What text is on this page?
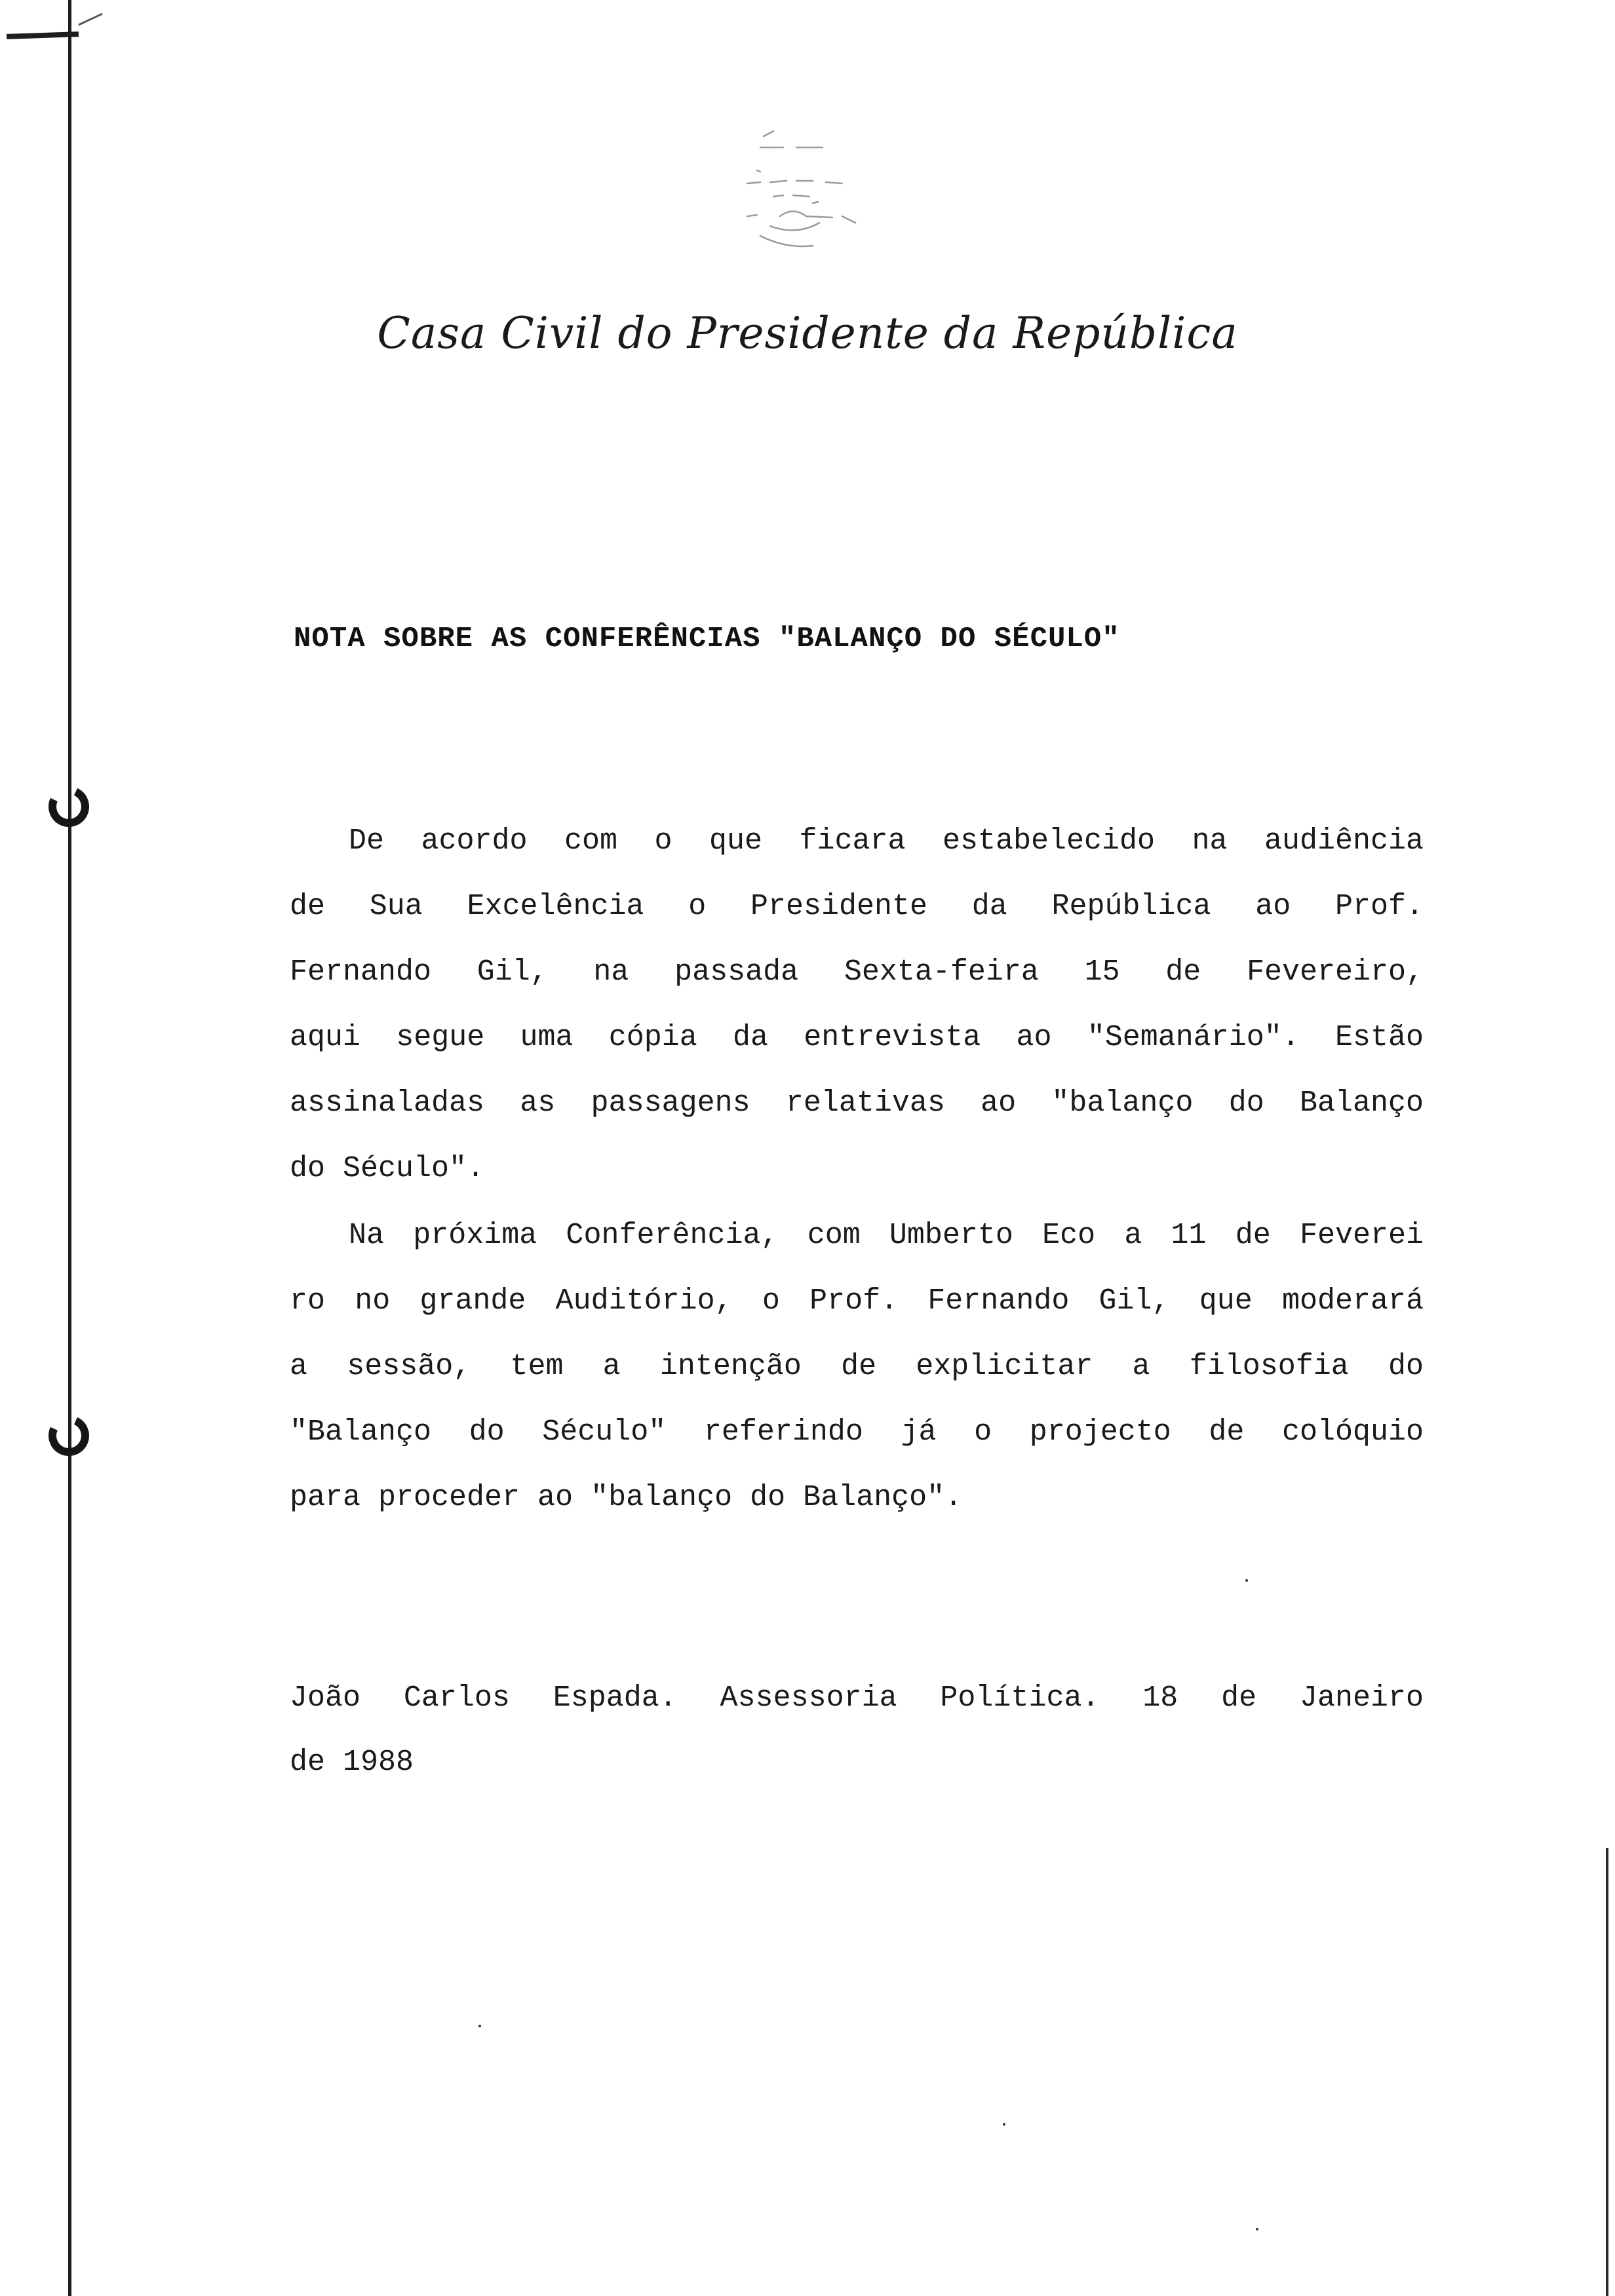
Casa Civil do Presidente da República
NOTA SOBRE AS CONFERÊNCIAS "BALANÇO DO SÉCULO"
De acordo com o que ficara estabelecido na audiência
de Sua Excelência o Presidente da República ao Prof.
Fernando Gil, na passada Sexta-feira 15 de Fevereiro,
aqui segue uma cópia da entrevista ao "Semanário". Estão
assinaladas as passagens relativas ao "balanço do Balanço
do Século".
Na próxima Conferência, com Umberto Eco a 11 de Feverei
ro no grande Auditório, o Prof. Fernando Gil, que moderará
a sessão, tem a intenção de explicitar a filosofia do
"Balanço do Século" referindo já o projecto de colóquio
para proceder ao "balanço do Balanço".
João Carlos Espada. Assessoria Política. 18 de Janeiro
de 1988
